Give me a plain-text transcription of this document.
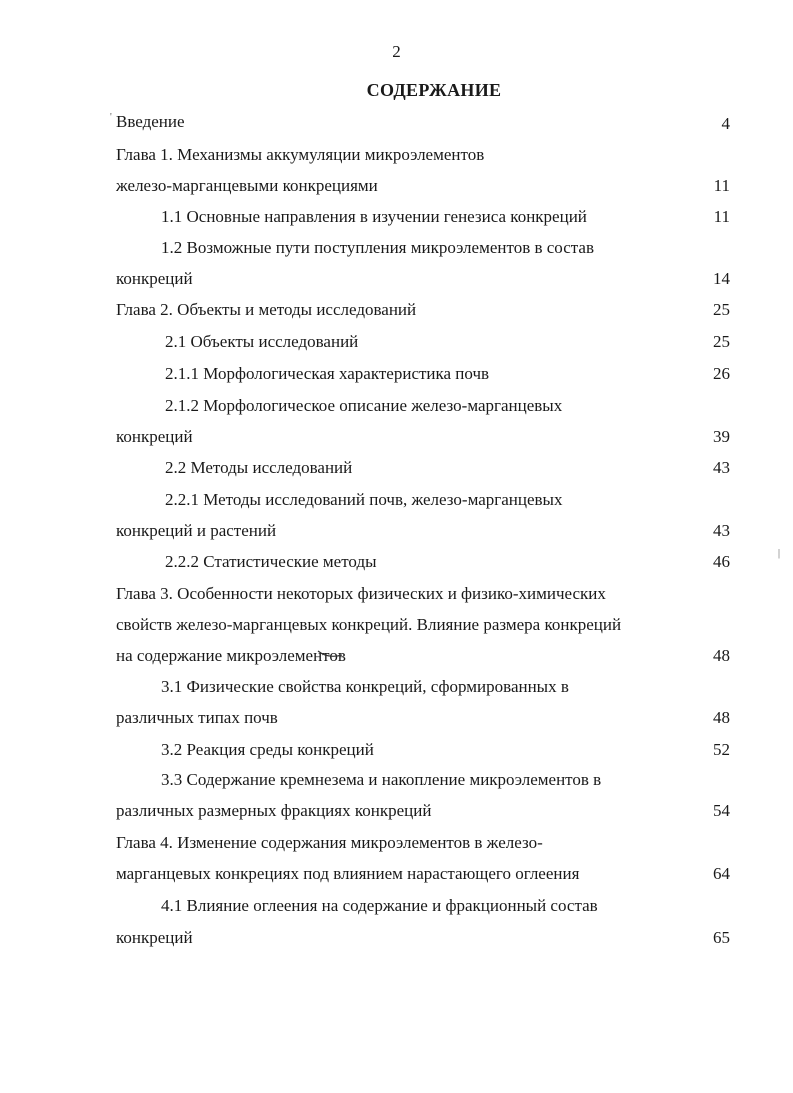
2
СОДЕРЖАНИЕ
Введение	4
Глава 1. Механизмы аккумуляции микроэлементов
железо-марганцевыми конкрециями	11
1.1 Основные направления в изучении генезиса конкреций	11
1.2 Возможные пути поступления микроэлементов в состав
конкреций	14
Глава 2. Объекты и методы исследований	25
2.1 Объекты исследований	25
2.1.1 Морфологическая характеристика почв	26
2.1.2 Морфологическое описание железо-марганцевых
конкреций	39
2.2 Методы исследований	43
2.2.1 Методы исследований почв, железо-марганцевых
конкреций и растений	43
2.2.2 Статистические методы	46
Глава 3. Особенности некоторых физических и физико-химических
свойств железо-марганцевых конкреций. Влияние размера конкреций
на содержание микроэлементов	48
3.1 Физические свойства конкреций, сформированных в
различных типах почв	48
3.2 Реакция среды конкреций	52
3.3 Содержание кремнезема и накопление микроэлементов в
различных размерных фракциях конкреций	54
Глава 4. Изменение содержания микроэлементов в железо-
марганцевых конкрециях под влиянием нарастающего оглеения	64
4.1 Влияние оглеения на содержание и фракционный состав
конкреций	65
|
'
